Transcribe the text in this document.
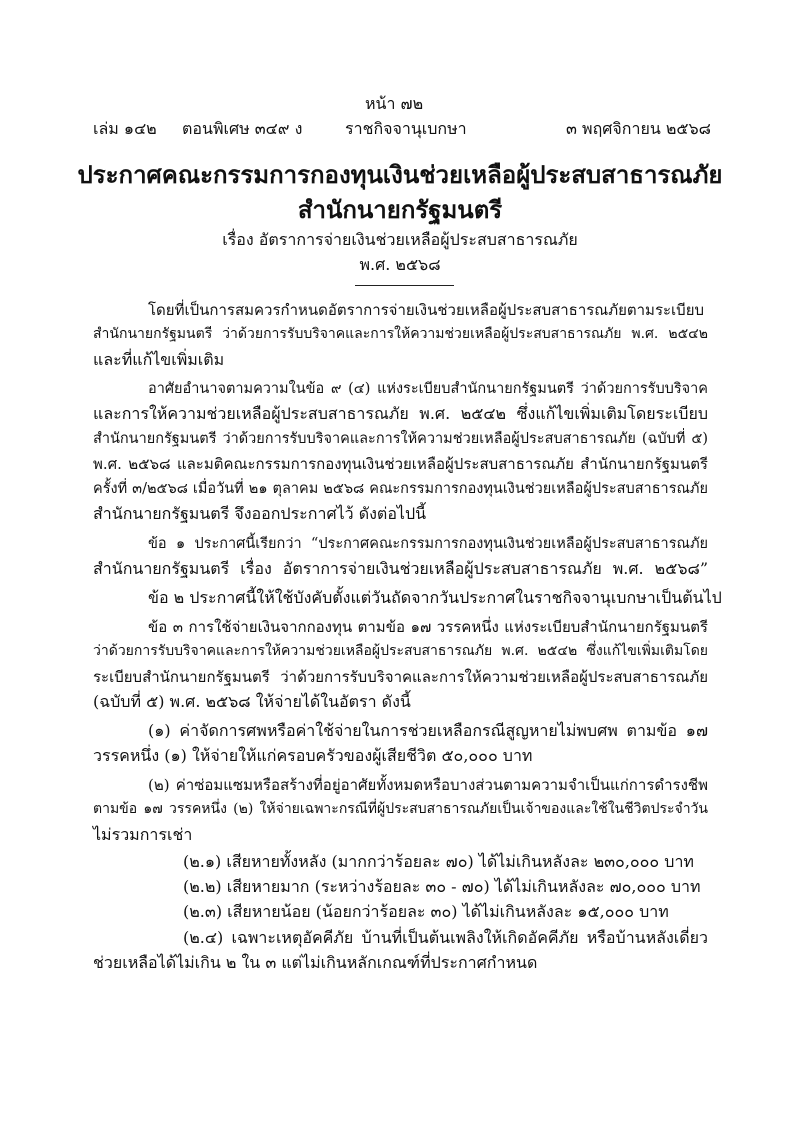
หน้า ๗๒
เล่ม ๑๔๒ ตอนพิเศษ ๓๔๙ ง	ราชกิจจานุเบกษา	๓ พฤศจิกายน ๒๕๖๘
ประกาศคณะกรรมการกองทุนเงินช่วยเหลือผู้ประสบสาธารณภัย
สำนักนายกรัฐมนตรี
เรื่อง อัตราการจ่ายเงินช่วยเหลือผู้ประสบสาธารณภัย
พ.ศ. ๒๕๖๘
โดยที่เป็นการสมควรกำหนดอัตราการจ่ายเงินช่วยเหลือผู้ประสบสาธารณภัยตามระเบียบ
สำนักนายกรัฐมนตรี ว่าด้วยการรับบริจาคและการให้ความช่วยเหลือผู้ประสบสาธารณภัย พ.ศ. ๒๕๔๒
และที่แก้ไขเพิ่มเติม
อาศัยอำนาจตามความในข้อ ๙ (๔) แห่งระเบียบสำนักนายกรัฐมนตรี ว่าด้วยการรับบริจาค
และการให้ความช่วยเหลือผู้ประสบสาธารณภัย พ.ศ. ๒๕๔๒ ซึ่งแก้ไขเพิ่มเติมโดยระเบียบ
สำนักนายกรัฐมนตรี ว่าด้วยการรับบริจาคและการให้ความช่วยเหลือผู้ประสบสาธารณภัย (ฉบับที่ ๕)
พ.ศ. ๒๕๖๘ และมติคณะกรรมการกองทุนเงินช่วยเหลือผู้ประสบสาธารณภัย สำนักนายกรัฐมนตรี
ครั้งที่ ๓/๒๕๖๘ เมื่อวันที่ ๒๑ ตุลาคม ๒๕๖๘ คณะกรรมการกองทุนเงินช่วยเหลือผู้ประสบสาธารณภัย
สำนักนายกรัฐมนตรี จึงออกประกาศไว้ ดังต่อไปนี้
ข้อ ๑ ประกาศนี้เรียกว่า “ประกาศคณะกรรมการกองทุนเงินช่วยเหลือผู้ประสบสาธารณภัย
สำนักนายกรัฐมนตรี เรื่อง อัตราการจ่ายเงินช่วยเหลือผู้ประสบสาธารณภัย พ.ศ. ๒๕๖๘”
ข้อ ๒ ประกาศนี้ให้ใช้บังคับตั้งแต่วันถัดจากวันประกาศในราชกิจจานุเบกษาเป็นต้นไป
ข้อ ๓ การใช้จ่ายเงินจากกองทุน ตามข้อ ๑๗ วรรคหนึ่ง แห่งระเบียบสำนักนายกรัฐมนตรี
ว่าด้วยการรับบริจาคและการให้ความช่วยเหลือผู้ประสบสาธารณภัย พ.ศ. ๒๕๔๒ ซึ่งแก้ไขเพิ่มเติมโดย
ระเบียบสำนักนายกรัฐมนตรี ว่าด้วยการรับบริจาคและการให้ความช่วยเหลือผู้ประสบสาธารณภัย
(ฉบับที่ ๕) พ.ศ. ๒๕๖๘ ให้จ่ายได้ในอัตรา ดังนี้
(๑) ค่าจัดการศพหรือค่าใช้จ่ายในการช่วยเหลือกรณีสูญหายไม่พบศพ ตามข้อ ๑๗
วรรคหนึ่ง (๑) ให้จ่ายให้แก่ครอบครัวของผู้เสียชีวิต ๕๐,๐๐๐ บาท
(๒) ค่าซ่อมแซมหรือสร้างที่อยู่อาศัยทั้งหมดหรือบางส่วนตามความจำเป็นแก่การดำรงชีพ
ตามข้อ ๑๗ วรรคหนึ่ง (๒) ให้จ่ายเฉพาะกรณีที่ผู้ประสบสาธารณภัยเป็นเจ้าของและใช้ในชีวิตประจำวัน
ไม่รวมการเช่า
(๒.๑) เสียหายทั้งหลัง (มากกว่าร้อยละ ๗๐) ได้ไม่เกินหลังละ ๒๓๐,๐๐๐ บาท
(๒.๒) เสียหายมาก (ระหว่างร้อยละ ๓๐ - ๗๐) ได้ไม่เกินหลังละ ๗๐,๐๐๐ บาท
(๒.๓) เสียหายน้อย (น้อยกว่าร้อยละ ๓๐) ได้ไม่เกินหลังละ ๑๕,๐๐๐ บาท
(๒.๔) เฉพาะเหตุอัคคีภัย บ้านที่เป็นต้นเพลิงให้เกิดอัคคีภัย หรือบ้านหลังเดี่ยว
ช่วยเหลือได้ไม่เกิน ๒ ใน ๓ แต่ไม่เกินหลักเกณฑ์ที่ประกาศกำหนด
